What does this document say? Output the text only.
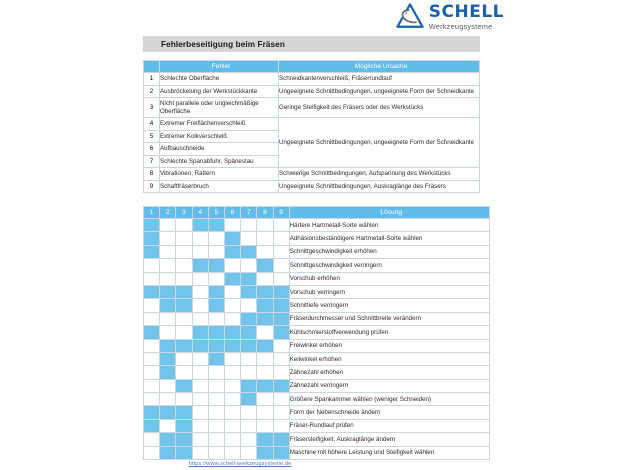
SCHELL
Werkzeugsysteme
Fehlerbeseitigung beim Fräsen

	Fehler	Mögliche Ursache

1	Schlechte Oberfläche	Schneidkantenverschleiß, Fräserrundlauf
2	Ausbröckelung der Werkstückkante	Ungeeignete Schnittbedingungen, ungeeignete Form der Schneidkante
3	Nicht parallele oder ungleichmäßige Oberfläche	Geringe Steifigkeit des Fräsers oder des Werkstücks
4	Extremer Freiflächenverschleiß	Ungeeignete Schnittbedingungen, ungeeignete Form der Schneidkante
5	Extremer Kolkverschleiß	
6	Aufbauschneide	
7	Schlechte Spanabfuhr, Spänestau	
8	Vibrationen, Rattern	Schwierige Schnittbedingungen, Aufspannung des Werkstücks
9	Schaftfräserbruch	Ungeeignete Schnittbedingungen, Auskraglänge des Fräsers
1	2	3	4	5	6	7	8	9	Lösung

									Härtere Hartmetall-Sorte wählen
									Adhäsionsbeständigere Hartmetall-Sorte wählen
									Schnittgeschwindigkeit erhöhen
									Schnittgeschwindigkeit verringern
									Vorschub erhöhen
									Vorschub verringern
									Schnittiefe verringern
									Fräserdurchmesser und Schnittbreite verändern
									Kühlschmierstoffverwendung prüfen
									Freiwinkel erhöhen
									Keilwinkel erhöhen
									Zähnezahl erhöhen
									Zähnezahl verringern
									Größere Spankammer wählen (weniger Schneiden)
									Form der Nebenschneide ändern
									Fräser-Rundlauf prüfen
									Fräsersteifigkeit, Auskraglänge ändern
									Maschine mit höhere Leistung und Steifigkeit wählen
https://www.schell-werkzeugsysteme.de
